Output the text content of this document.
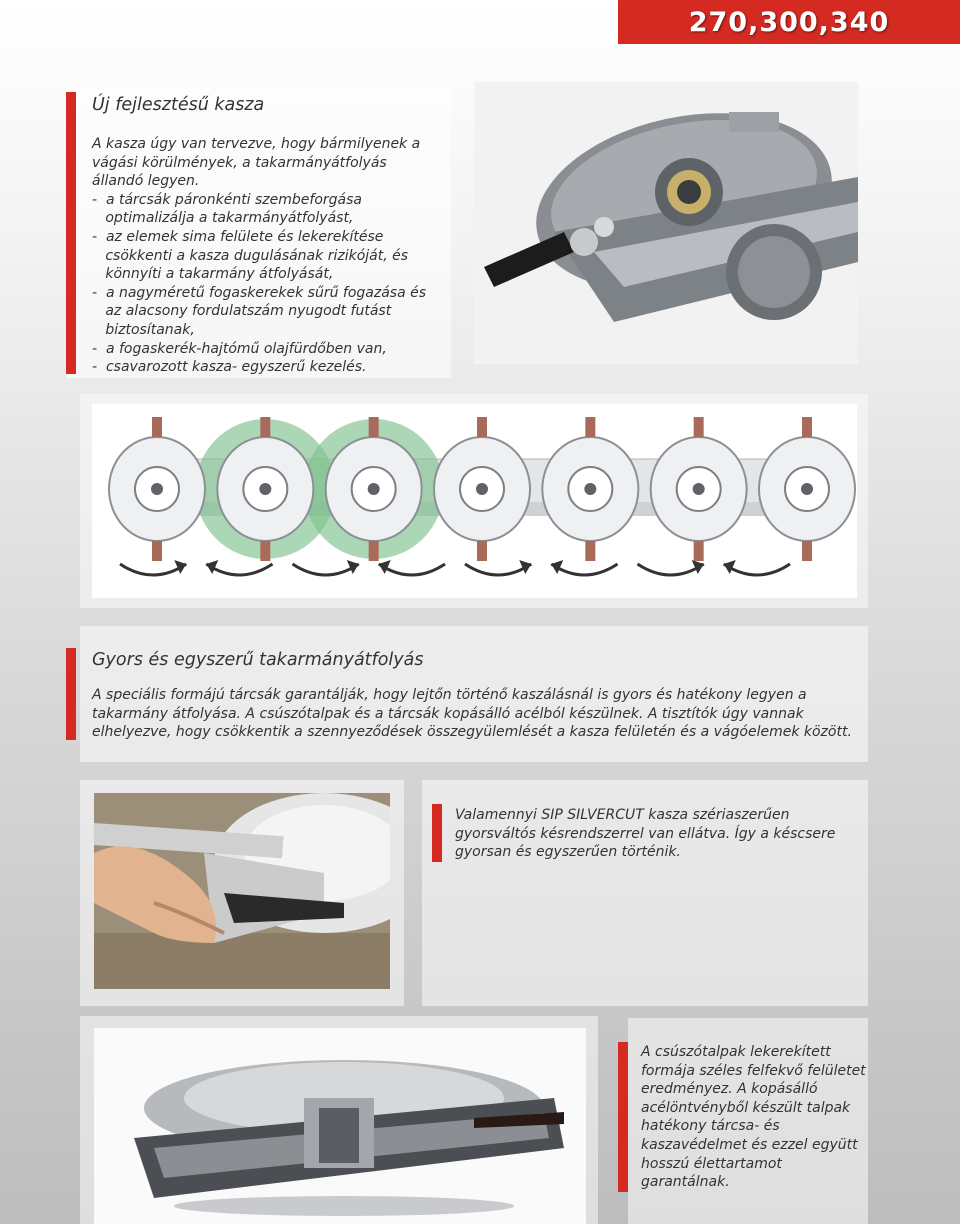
270,300,340
Új fejlesztésű kasza

A kasza úgy van tervezve, hogy bármilyenek a

vágási körülmények, a takarmányátfolyás

állandó legyen.

-  a tárcsák páronkénti szembeforgása

optimalizálja a takarmányátfolyást,

-  az elemek sima felülete és lekerekítése

csökkenti a kasza dugulásának rizikóját, és

könnyíti a takarmány átfolyását,

-  a nagyméretű fogaskerekek sűrű fogazása és

az alacsony fordulatszám nyugodt futást

biztosítanak,

-  a fogaskerék-hajtómű olajfürdőben van,

-  csavarozott kasza- egyszerű kezelés.

Gyors és egyszerű takarmányátfolyás

A speciális formájú tárcsák garantálják, hogy lejtőn történő kaszálásnál is gyors és hatékony legyen a

takarmány átfolyása. A csúszótalpak és a tárcsák kopásálló acélból készülnek. A tisztítók úgy vannak

elhelyezve, hogy csökkentik a szennyeződések összegyülemlését a kasza felületén és a vágóelemek között.

Valamennyi SIP SILVERCUT kasza szériaszerűen

gyorsváltós késrendszerrel van ellátva. Így a késcsere

gyorsan és egyszerűen történik.

A csúszótalpak lekerekített

formája széles felfekvő felületet

eredményez. A kopásálló

acélöntvényből készült talpak

hatékony tárcsa- és

kaszavédelmet és ezzel együtt

hosszú élettartamot

garantálnak.
